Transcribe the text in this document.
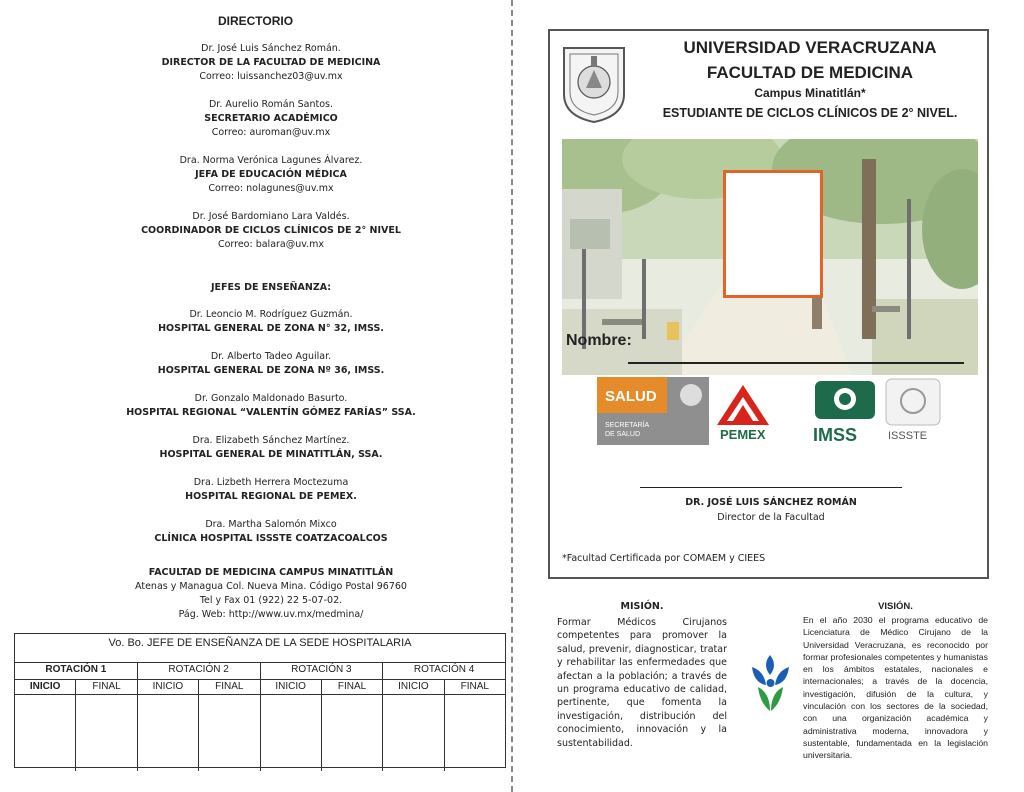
DIRECTORIO
Dr. José Luis Sánchez Román.
DIRECTOR DE LA FACULTAD DE MEDICINA
Correo: luissanchez03@uv.mx
Dr. Aurelio Román Santos.
SECRETARIO ACADÉMICO
Correo: auroman@uv.mx
Dra. Norma Verónica Lagunes Álvarez.
JEFA DE EDUCACIÓN MÉDICA
Correo: nolagunes@uv.mx
Dr. José Bardomiano Lara Valdés.
COORDINADOR DE CICLOS CLÍNICOS DE 2° NIVEL
Correo: balara@uv.mx
JEFES DE ENSEÑANZA:
Dr. Leoncio M. Rodríguez Guzmán.
HOSPITAL GENERAL DE ZONA N° 32, IMSS.
Dr. Alberto Tadeo Aguilar.
HOSPITAL GENERAL DE ZONA Nº 36, IMSS.
Dr. Gonzalo Maldonado Basurto.
HOSPITAL REGIONAL “VALENTÍN GÓMEZ FARÍAS” SSA.
Dra. Elizabeth Sánchez Martínez.
HOSPITAL GENERAL DE MINATITLÁN, SSA.
Dra. Lizbeth Herrera Moctezuma
HOSPITAL REGIONAL DE PEMEX.
Dra. Martha Salomón Mixco
CLÍNICA HOSPITAL ISSSTE COATZACOALCOS
FACULTAD DE MEDICINA CAMPUS MINATITLÁN
Atenas y Managua Col. Nueva Mina. Código Postal 96760
Tel y Fax 01 (922) 22 5-07-02.
Pág. Web: http://www.uv.mx/medmina/
Vo. Bo. JEFE DE ENSEÑANZA DE LA SEDE HOSPITALARIA
ROTACIÓN 1	ROTACIÓN 2	ROTACIÓN 3	ROTACIÓN 4
INICIO	FINAL	INICIO	FINAL	INICIO	FINAL	INICIO	FINAL
UNIVERSIDAD VERACRUZANA
FACULTAD DE MEDICINA
Campus Minatitlán*
ESTUDIANTE DE CICLOS CLÍNICOS DE 2° NIVEL.
Nombre:
SALUD
SECRETARÍA
DE SALUD	PEMEX	IMSS	ISSSTE
DR. JOSÉ LUIS SÁNCHEZ ROMÁN
Director de la Facultad
*Facultad Certificada por COMAEM y CIEES
MISIÓN.
Formar Médicos Cirujanos competentes para promover la salud, prevenir, diagnosticar, tratar y rehabilitar las enfermedades que afectan a la población; a través de un programa educativo de calidad, pertinente, que fomenta la investigación, distribución del conocimiento, innovación y la sustentabilidad.
VISIÓN.
En el año 2030 el programa educativo de Licenciatura de Médico Cirujano de la Universidad Veracruzana, es reconocido por formar profesionales competentes y humanistas en los ámbitos estatales, nacionales e internacionales; a través de la docencia, investigación, difusión de la cultura, y vinculación con los sectores de la sociedad, con una organización académica y administrativa moderna, innovadora y sustentable, fundamentada en la legislación universitaria.
